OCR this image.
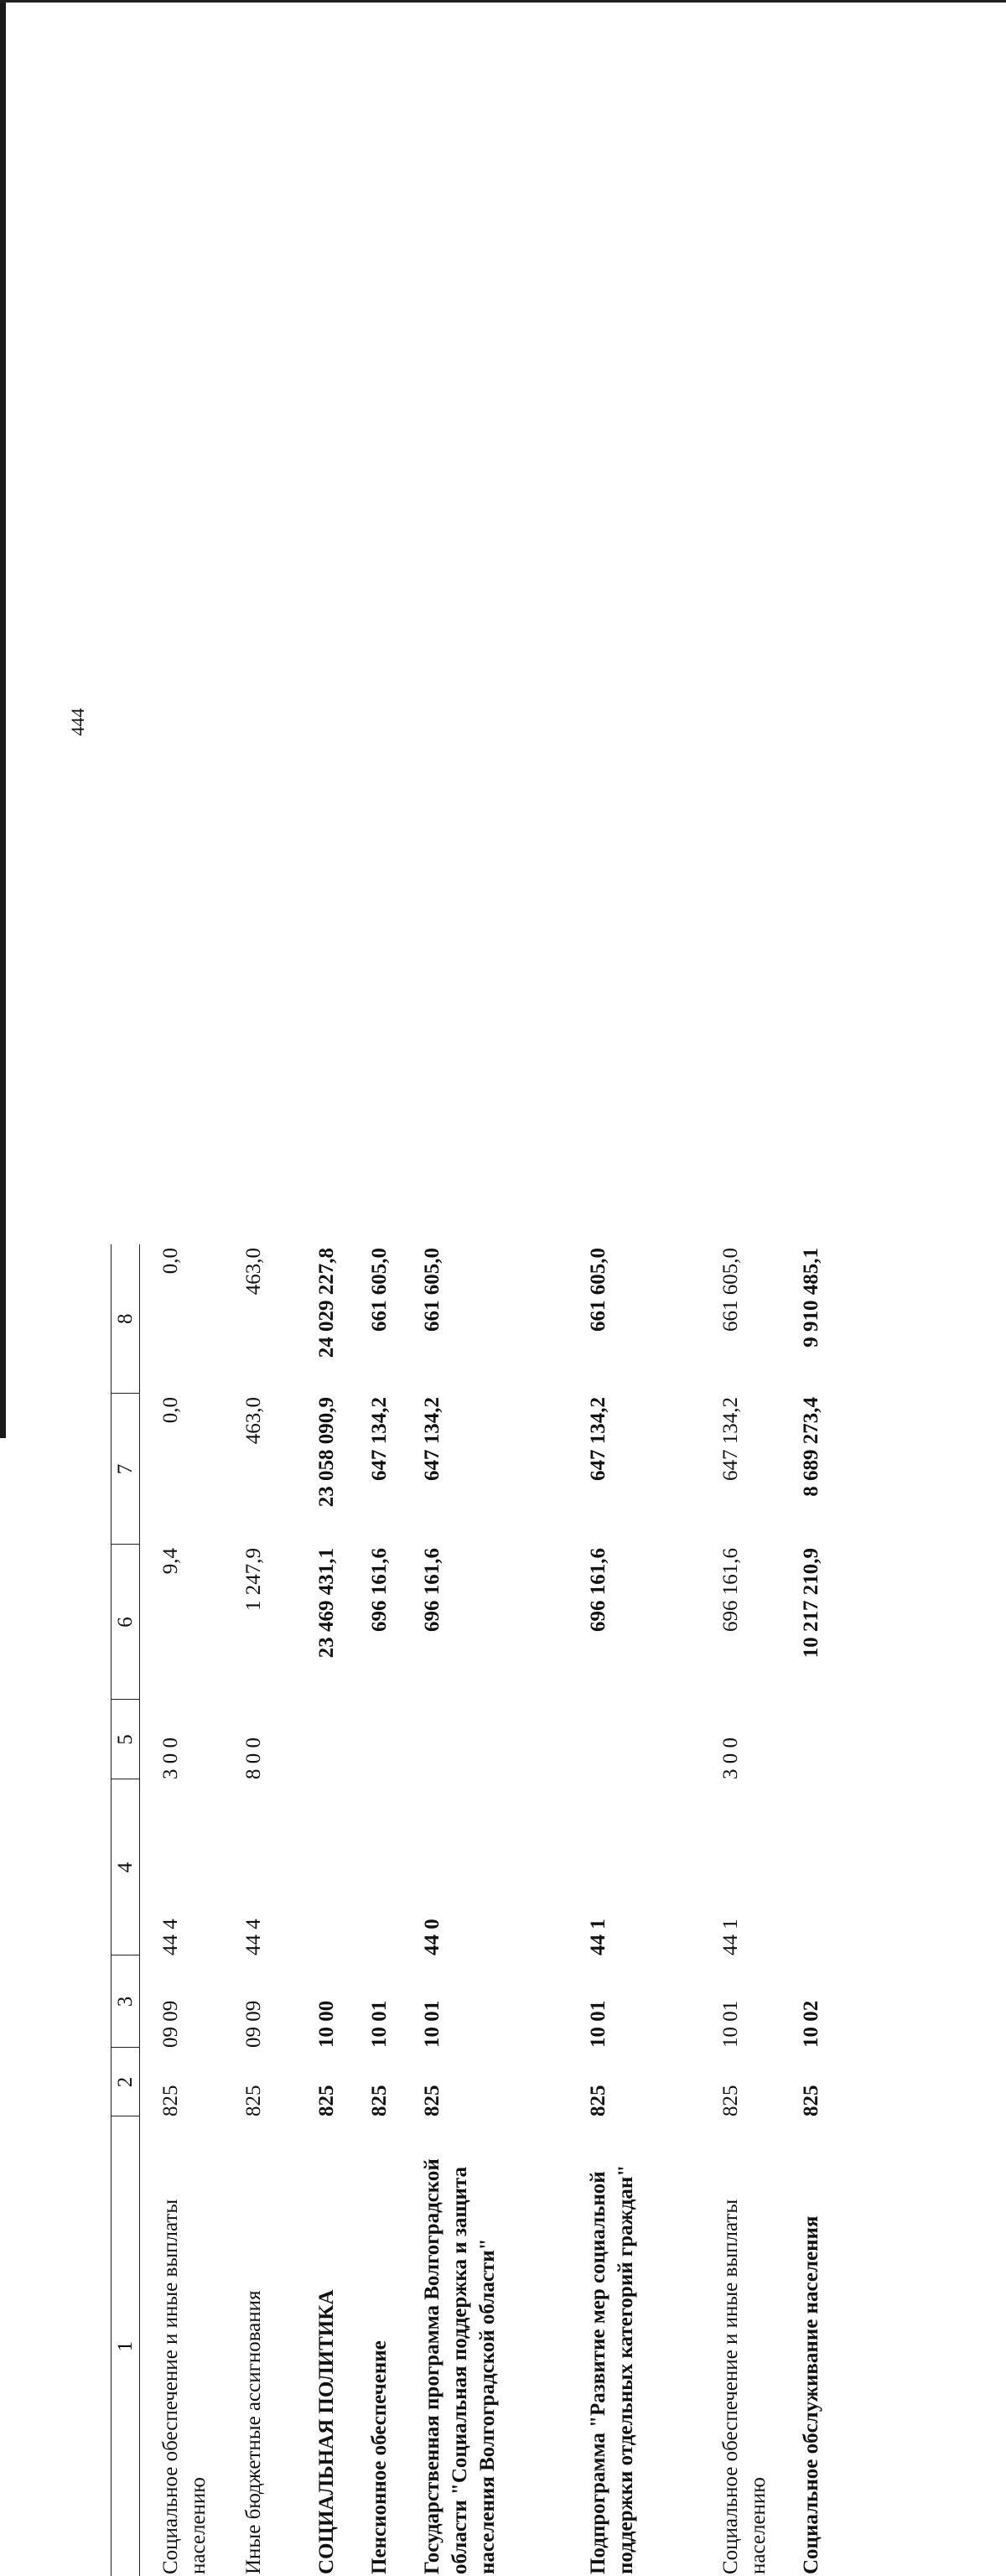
444
1	2	3	4	5	6	7	8
Социальное обеспечение и иные выплаты населению	825	09 09	44 4	3 0 0	9,4	0,0	0,0
Иные бюджетные ассигнования	825	09 09	44 4	8 0 0	1 247,9	463,0	463,0
СОЦИАЛЬНАЯ ПОЛИТИКА	825	10 00			23 469 431,1	23 058 090,9	24 029 227,8
Пенсионное обеспечение	825	10 01			696 161,6	647 134,2	661 605,0
Государственная программа Волгоградской области "Социальная поддержка и защита населения Волгоградской области"	825	10 01	44 0		696 161,6	647 134,2	661 605,0
Подпрограмма "Развитие мер социальной поддержки отдельных категорий граждан"	825	10 01	44 1		696 161,6	647 134,2	661 605,0
Социальное обеспечение и иные выплаты населению	825	10 01	44 1	3 0 0	696 161,6	647 134,2	661 605,0
Социальное обслуживание населения	825	10 02			10 217 210,9	8 689 273,4	9 910 485,1
